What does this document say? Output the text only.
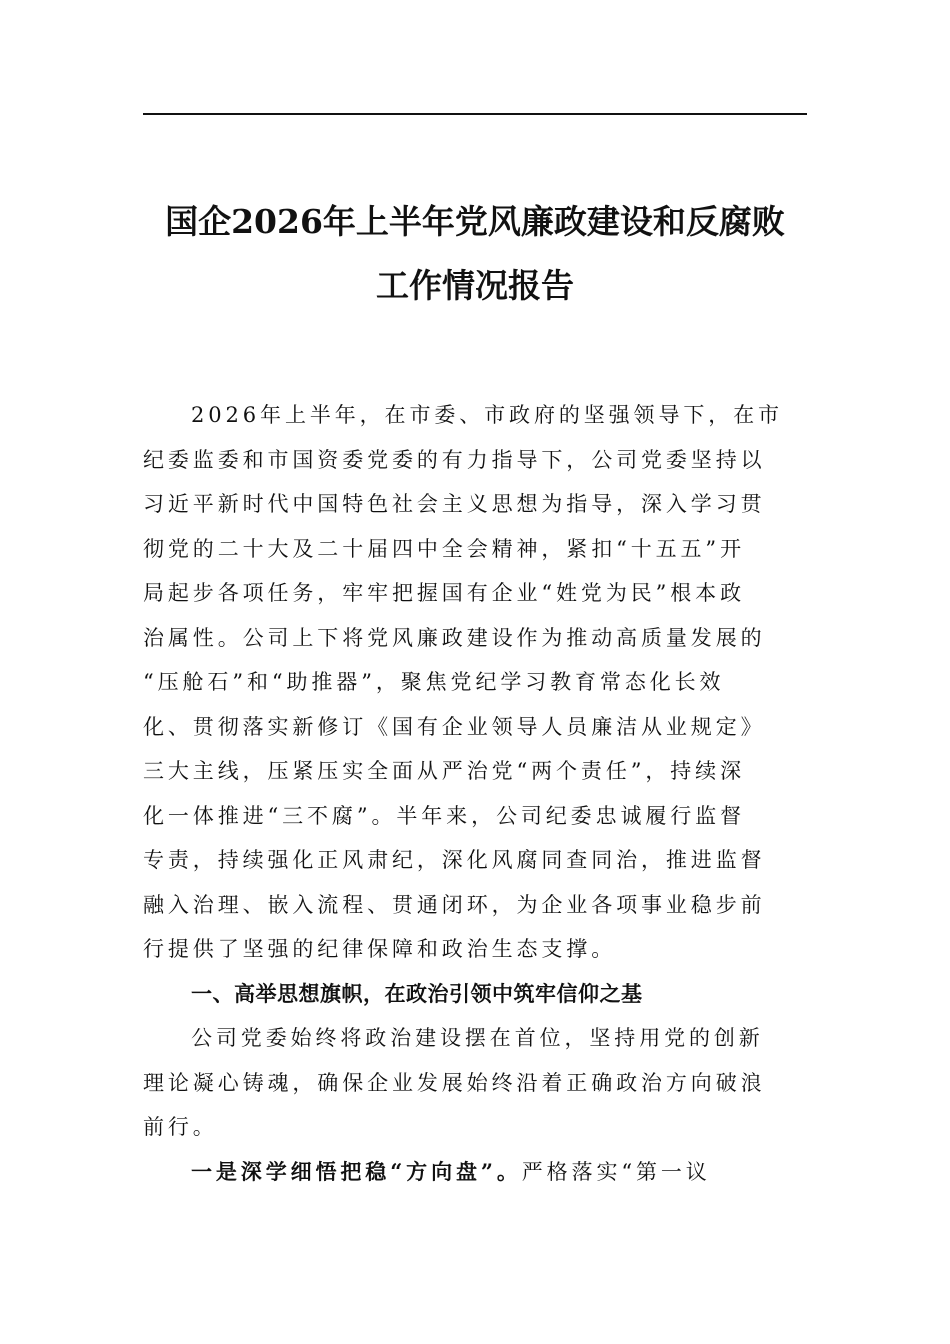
国企2026年上半年党风廉政建设和反腐败
工作情况报告

2026年上半年，在市委、市政府的坚强领导下，在市
纪委监委和市国资委党委的有力指导下，公司党委坚持以
习近平新时代中国特色社会主义思想为指导，深入学习贯
彻党的二十大及二十届四中全会精神，紧扣“十五五”开
局起步各项任务，牢牢把握国有企业“姓党为民”根本政
治属性。公司上下将党风廉政建设作为推动高质量发展的
“压舱石”和“助推器”，聚焦党纪学习教育常态化长效
化、贯彻落实新修订《国有企业领导人员廉洁从业规定》
三大主线，压紧压实全面从严治党“两个责任”，持续深
化一体推进“三不腐”。半年来，公司纪委忠诚履行监督
专责，持续强化正风肃纪，深化风腐同查同治，推进监督
融入治理、嵌入流程、贯通闭环，为企业各项事业稳步前
行提供了坚强的纪律保障和政治生态支撑。

一、高举思想旗帜，在政治引领中筑牢信仰之基

公司党委始终将政治建设摆在首位，坚持用党的创新
理论凝心铸魂，确保企业发展始终沿着正确政治方向破浪
前行。

一是深学细悟把稳“方向盘”。严格落实“第一议
